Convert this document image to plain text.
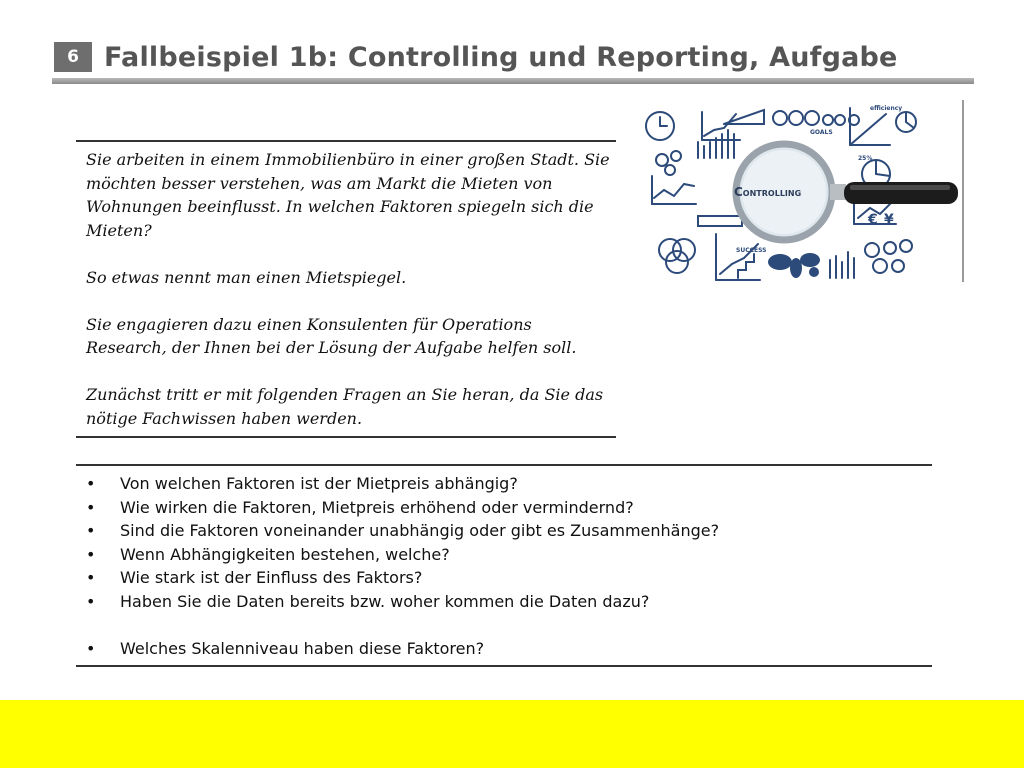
6 Fallbeispiel 1b: Controlling und Reporting, Aufgabe

Sie arbeiten in einem Immobilienbüro in einer großen Stadt. Sie möchten besser verstehen, was am Markt die Mieten von Wohnungen beeinflusst. In welchen Faktoren spiegeln sich die Mieten?

So etwas nennt man einen Mietspiegel.

Sie engagieren dazu einen Konsulenten für Operations Research, der Ihnen bei der Lösung der Aufgabe helfen soll.

Zunächst tritt er mit folgenden Fragen an Sie heran, da Sie das nötige Fachwissen haben werden.

€ ¥
GOALS
efficiency
25%
SUCCESS
Controlling
• Von welchen Faktoren ist der Mietpreis abhängig?
• Wie wirken die Faktoren, Mietpreis erhöhend oder vermindernd?
• Sind die Faktoren voneinander unabhängig oder gibt es Zusammenhänge?
• Wenn Abhängigkeiten bestehen, welche?
• Wie stark ist der Einfluss des Faktors?
• Haben Sie die Daten bereits bzw. woher kommen die Daten dazu?
• Welches Skalenniveau haben diese Faktoren?
